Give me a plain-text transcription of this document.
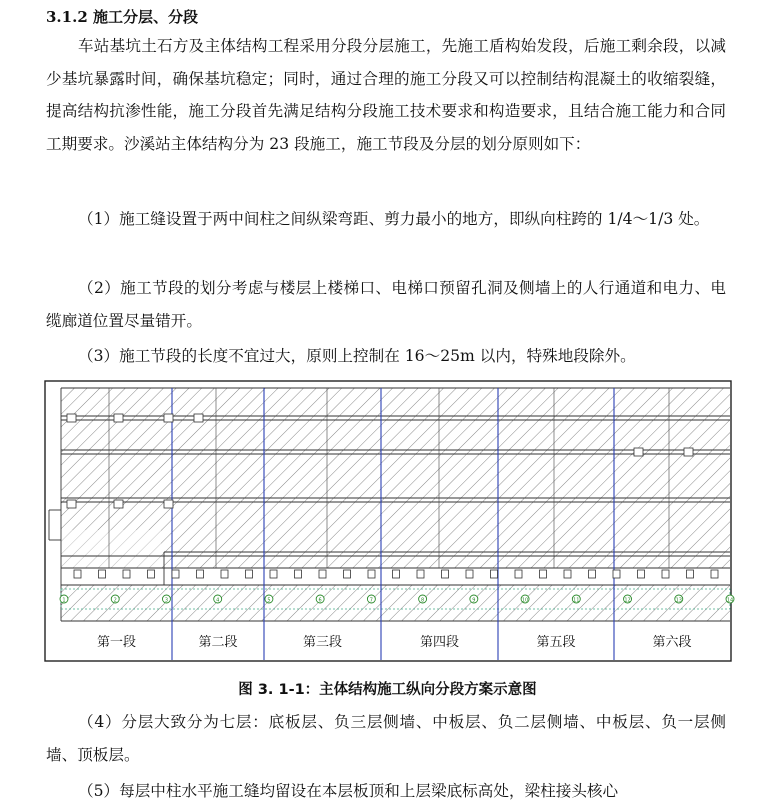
3.1.2 施工分层、分段

车站基坑土石方及主体结构工程采用分段分层施工，先施工盾构始发段，后施工剩余段，以减少基坑暴露时间，确保基坑稳定；同时，通过合理的施工分段又可以控制结构混凝土的收缩裂缝，提高结构抗渗性能，施工分段首先满足结构分段施工技术要求和构造要求，且结合施工能力和合同工期要求。沙溪站主体结构分为 23 段施工，施工节段及分层的划分原则如下：

（1）施工缝设置于两中间柱之间纵梁弯距、剪力最小的地方，即纵向柱跨的 1/4～1/3 处。

（2）施工节段的划分考虑与楼层上楼梯口、电梯口预留孔洞及侧墙上的人行通道和电力、电缆廊道位置尽量错开。

（3）施工节段的长度不宜过大，原则上控制在 16～25m 以内，特殊地段除外。

1	2	3	4	5	6	7	8	9	10	11	12	13	14
第一段	第二段	第三段	第四段	第五段	第六段
图 3. 1-1：主体结构施工纵向分段方案示意图

（4）分层大致分为七层：底板层、负三层侧墙、中板层、负二层侧墙、中板层、负一层侧墙、顶板层。

（5）每层中柱水平施工缝均留设在本层板顶和上层梁底标高处，梁柱接头核心
